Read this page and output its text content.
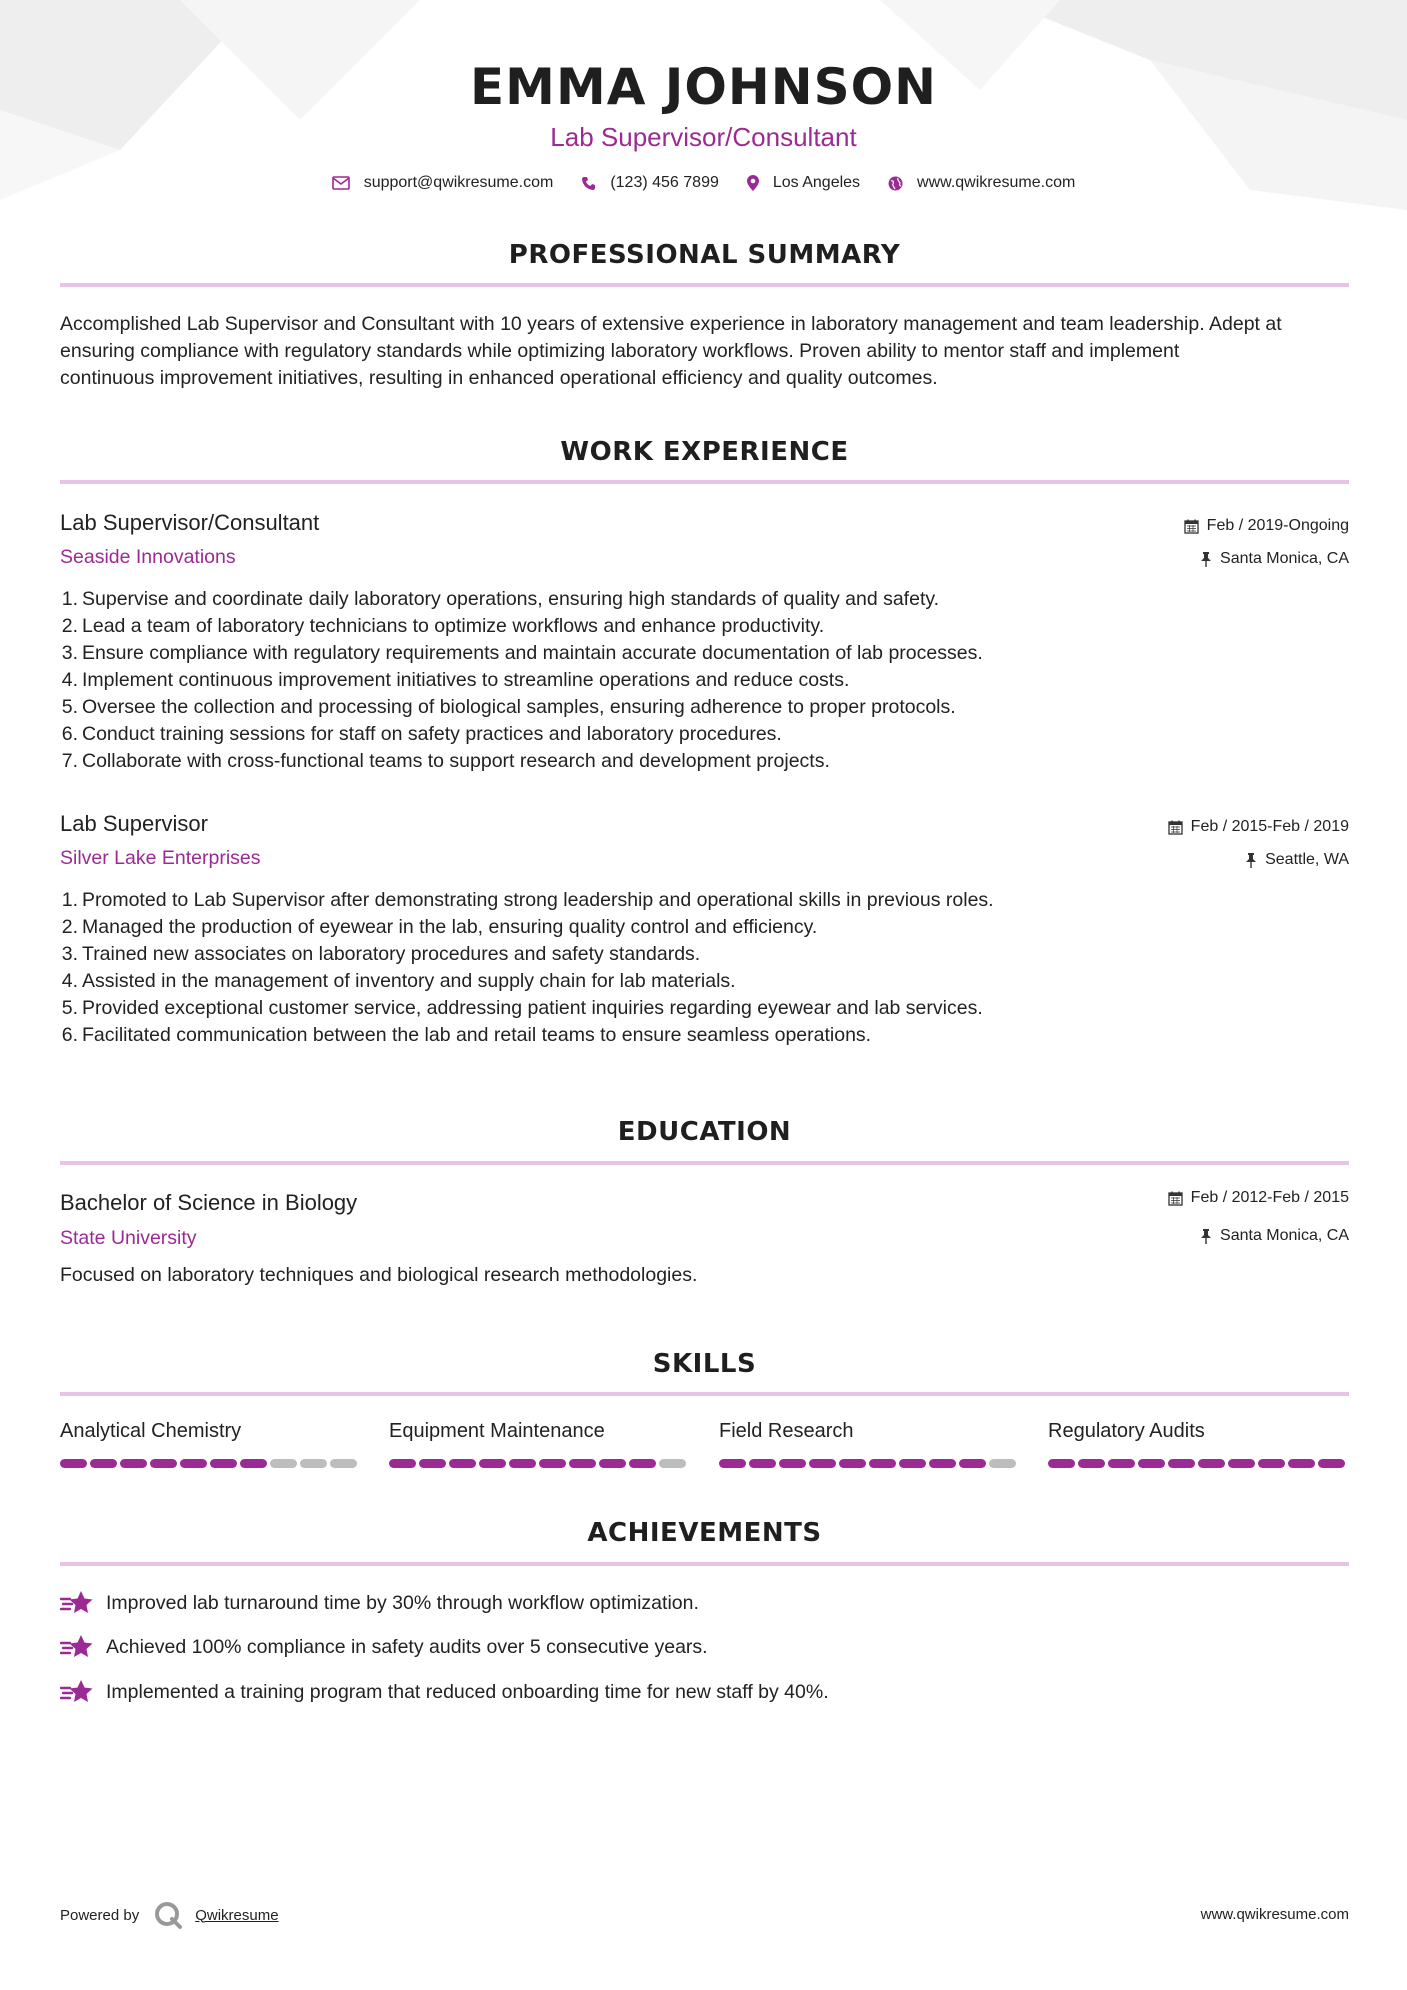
EMMA JOHNSON
Lab Supervisor/Consultant
support@qwikresume.com	(123) 456 7899	Los Angeles	www.qwikresume.com
PROFESSIONAL SUMMARY
Accomplished Lab Supervisor and Consultant with 10 years of extensive experience in laboratory management and team leadership. Adept at
ensuring compliance with regulatory standards while optimizing laboratory workflows. Proven ability to mentor staff and implement
continuous improvement initiatives, resulting in enhanced operational efficiency and quality outcomes.
WORK EXPERIENCE
Lab Supervisor/Consultant
Seaside Innovations
Feb / 2019-Ongoing
Santa Monica, CA
1. Supervise and coordinate daily laboratory operations, ensuring high standards of quality and safety.
2. Lead a team of laboratory technicians to optimize workflows and enhance productivity.
3. Ensure compliance with regulatory requirements and maintain accurate documentation of lab processes.
4. Implement continuous improvement initiatives to streamline operations and reduce costs.
5. Oversee the collection and processing of biological samples, ensuring adherence to proper protocols.
6. Conduct training sessions for staff on safety practices and laboratory procedures.
7. Collaborate with cross-functional teams to support research and development projects.
Lab Supervisor
Silver Lake Enterprises
Feb / 2015-Feb / 2019
Seattle, WA
1. Promoted to Lab Supervisor after demonstrating strong leadership and operational skills in previous roles.
2. Managed the production of eyewear in the lab, ensuring quality control and efficiency.
3. Trained new associates on laboratory procedures and safety standards.
4. Assisted in the management of inventory and supply chain for lab materials.
5. Provided exceptional customer service, addressing patient inquiries regarding eyewear and lab services.
6. Facilitated communication between the lab and retail teams to ensure seamless operations.
EDUCATION
Bachelor of Science in Biology
State University
Feb / 2012-Feb / 2015
Santa Monica, CA
Focused on laboratory techniques and biological research methodologies.
SKILLS
Analytical Chemistry	Equipment Maintenance	Field Research	Regulatory Audits
ACHIEVEMENTS
Improved lab turnaround time by 30% through workflow optimization.
Achieved 100% compliance in safety audits over 5 consecutive years.
Implemented a training program that reduced onboarding time for new staff by 40%.
Powered by	Qwikresume	www.qwikresume.com
